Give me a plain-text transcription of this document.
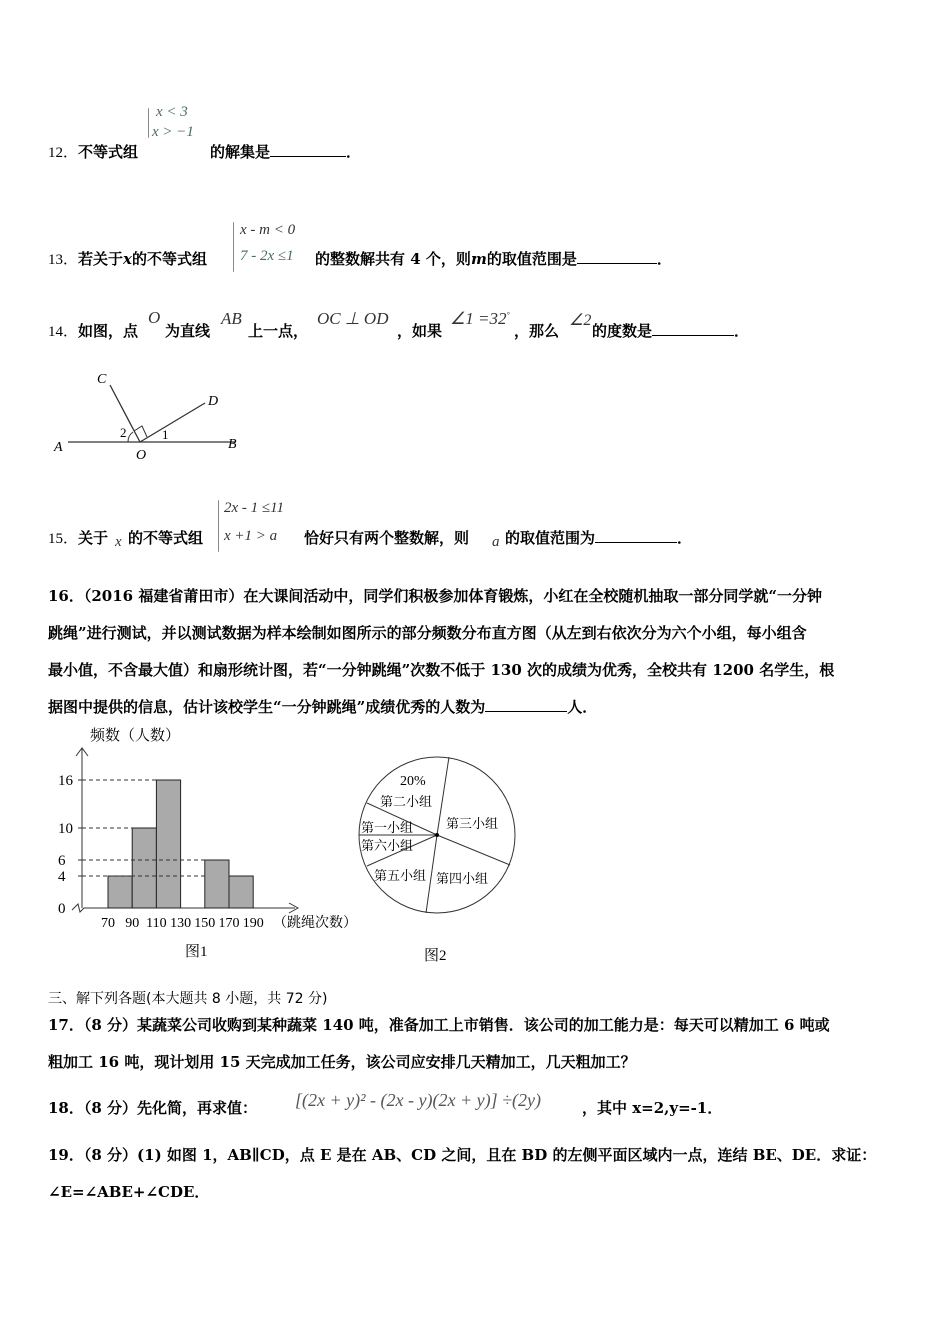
12．不等式组
x < 3
x > −1
的解集是	．
13．若关于x的不等式组
x - m < 0
7 - 2x ≤1 的整数解共有 4 个，则m的取值范围是	．
14．如图，点
O
为直线
AB
上一点，
OC ⊥ OD
，如果
∠1 =32°
，那么
∠2
的度数是	．
A	B
C
D
O
1
2
15．关于 x 的不等式组
2x - 1 ≤11
x +1 > a 恰好只有两个整数解，则 a 的取值范围为	．
16．（2016 福建省莆田市）在大课间活动中，同学们积极参加体育锻炼，小红在全校随机抽取一部分同学就“一分钟
跳绳”进行测试，并以测试数据为样本绘制如图所示的部分频数分布直方图（从左到右依次分为六个小组，每小组含
最小值，不含最大值）和扇形统计图，若“一分钟跳绳”次数不低于 130 次的成绩为优秀，全校共有 1200 名学生，根
据图中提供的信息，估计该校学生“一分钟跳绳”成绩优秀的人数为	人．
频数（人数）
（跳绳次数）
图1
0
4
6
10
16
70 90 110 130 150 170 190
20%
第二小组
第三小组
第一小组
第六小组
第五小组 第四小组
图2
三、解下列各题(本大题共 8 小题，共 72 分)
17．（8 分）某蔬菜公司收购到某种蔬菜 140 吨，准备加工上市销售．该公司的加工能力是：每天可以精加工 6 吨或
粗加工 16 吨，现计划用 15 天完成加工任务，该公司应安排几天精加工，几天粗加工？
18．（8 分）先化简，再求值： [(2x + y)² - (2x - y)(2x + y)] ÷(2y)	，其中 x=2,y=-1．
19．（8 分）(1) 如图 1，AB∥CD，点 E 是在 AB、CD 之间，且在 BD 的左侧平面区域内一点，连结 BE、DE．求证：
∠E=∠ABE+∠CDE．
